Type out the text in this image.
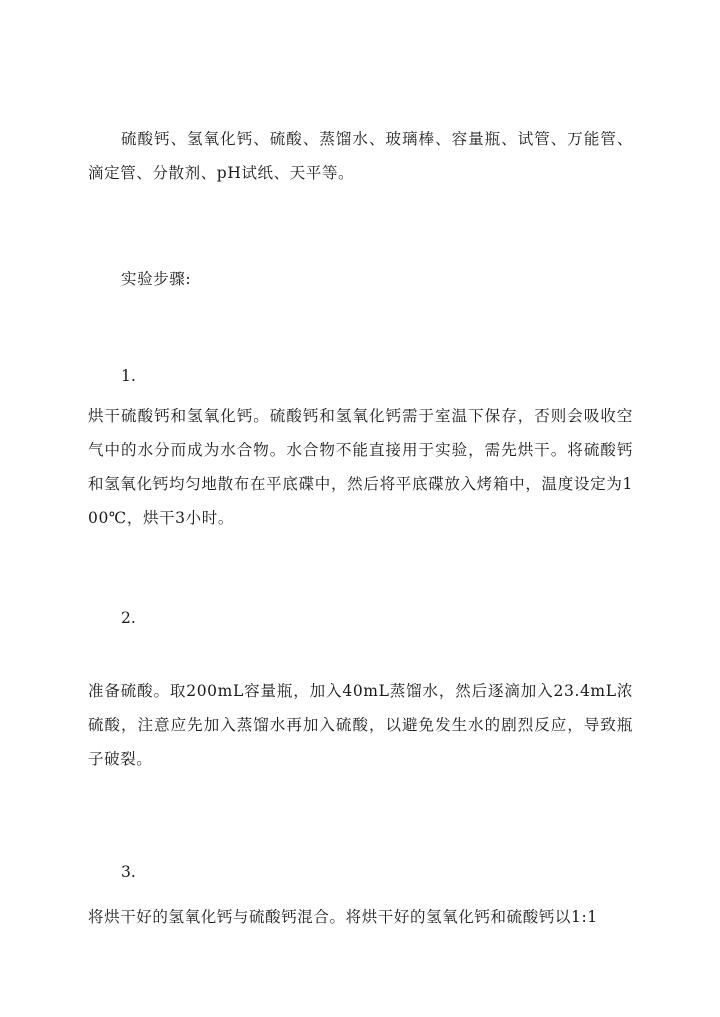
硫酸钙、氢氧化钙、硫酸、蒸馏水、玻璃棒、容量瓶、试管、万能管、滴定管、分散剂、pH试纸、天平等。

实验步骤:

1.

烘干硫酸钙和氢氧化钙。硫酸钙和氢氧化钙需于室温下保存，否则会吸收空气中的水分而成为水合物。水合物不能直接用于实验，需先烘干。将硫酸钙和氢氧化钙均匀地散布在平底碟中，然后将平底碟放入烤箱中，温度设定为100℃，烘干3小时。

2.

准备硫酸。取200mL容量瓶，加入40mL蒸馏水，然后逐滴加入23.4mL浓硫酸，注意应先加入蒸馏水再加入硫酸，以避免发生水的剧烈反应，导致瓶子破裂。

3.

将烘干好的氢氧化钙与硫酸钙混合。将烘干好的氢氧化钙和硫酸钙以1:1
